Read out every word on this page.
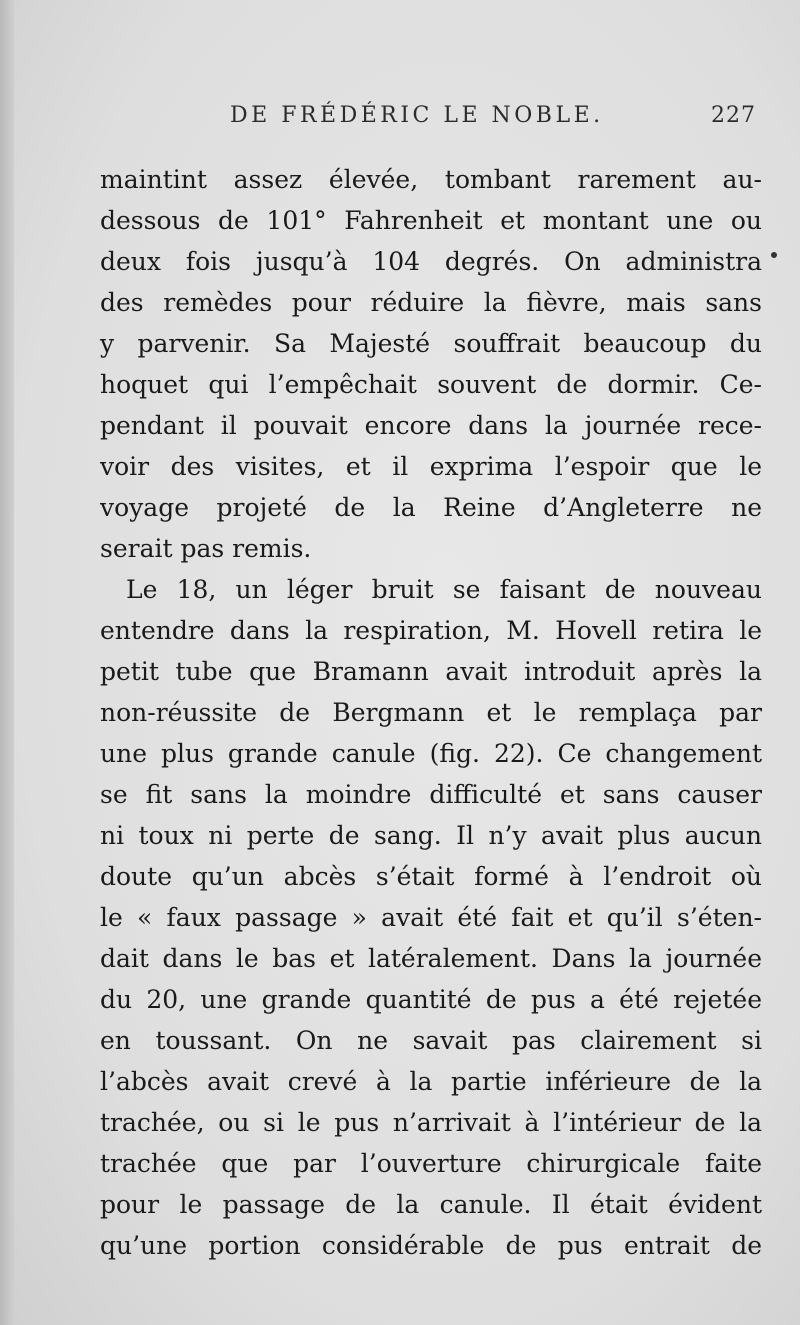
DE FRÉDÉRIC LE NOBLE.	227
maintint assez élevée, tombant rarement au-
dessous de 101° Fahrenheit et montant une ou
deux fois jusqu’à 104 degrés. On administra
des remèdes pour réduire la fièvre, mais sans
y parvenir. Sa Majesté souffrait beaucoup du
hoquet qui l’empêchait souvent de dormir. Ce-
pendant il pouvait encore dans la journée rece-
voir des visites, et il exprima l’espoir que le
voyage projeté de la Reine d’Angleterre ne
serait pas remis.
Le 18, un léger bruit se faisant de nouveau
entendre dans la respiration, M. Hovell retira le
petit tube que Bramann avait introduit après la
non-réussite de Bergmann et le remplaça par
une plus grande canule (fig. 22). Ce changement
se fit sans la moindre difficulté et sans causer
ni toux ni perte de sang. Il n’y avait plus aucun
doute qu’un abcès s’était formé à l’endroit où
le « faux passage » avait été fait et qu’il s’éten-
dait dans le bas et latéralement. Dans la journée
du 20, une grande quantité de pus a été rejetée
en toussant. On ne savait pas clairement si
l’abcès avait crevé à la partie inférieure de la
trachée, ou si le pus n’arrivait à l’intérieur de la
trachée que par l’ouverture chirurgicale faite
pour le passage de la canule. Il était évident
qu’une portion considérable de pus entrait de
